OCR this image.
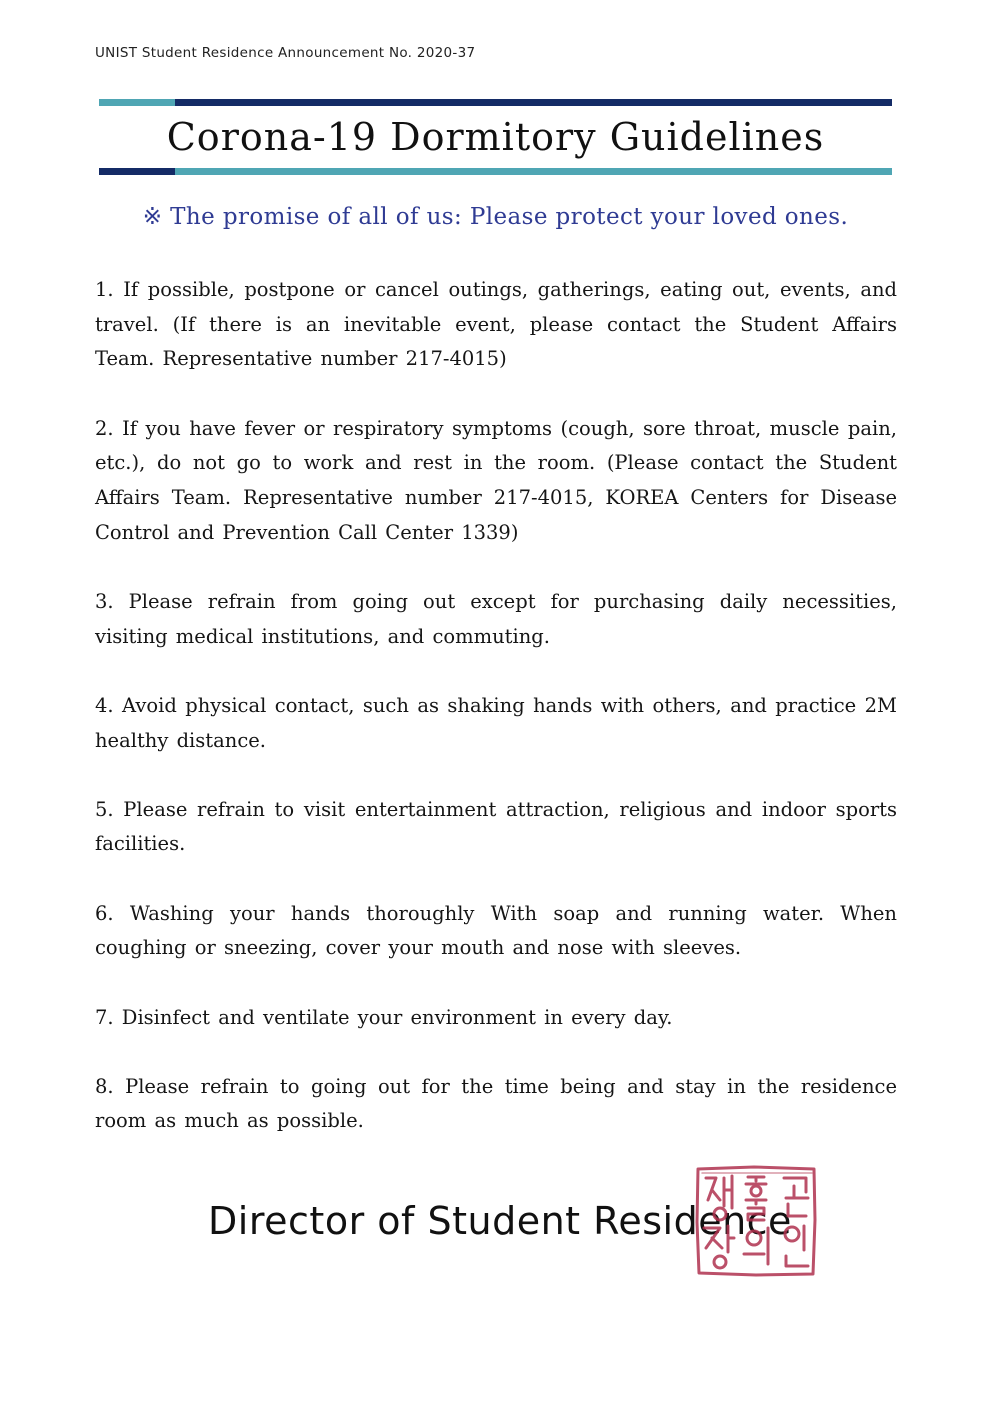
UNIST Student Residence Announcement No. 2020-37
Corona-19 Dormitory Guidelines
※ The promise of all of us: Please protect your loved ones.
1. If possible, postpone or cancel outings, gatherings, eating out, events, and travel. (If there is an inevitable event, please contact the Student Affairs Team. Representative number 217-4015)
2. If you have fever or respiratory symptoms (cough, sore throat, muscle pain, etc.), do not go to work and rest in the room. (Please contact the Student Affairs Team. Representative number 217-4015, KOREA Centers for Disease Control and Prevention Call Center 1339)
3. Please refrain from going out except for purchasing daily necessities, visiting medical institutions, and commuting.
4. Avoid physical contact, such as shaking hands with others, and practice 2M healthy distance.
5. Please refrain to visit entertainment attraction, religious and indoor sports facilities.
6. Washing your hands thoroughly With soap and running water. When coughing or sneezing, cover your mouth and nose with sleeves.
7. Disinfect and ventilate your environment in every day.
8. Please refrain to going out for the time being and stay in the residence room as much as possible.
Director of Student Residence
